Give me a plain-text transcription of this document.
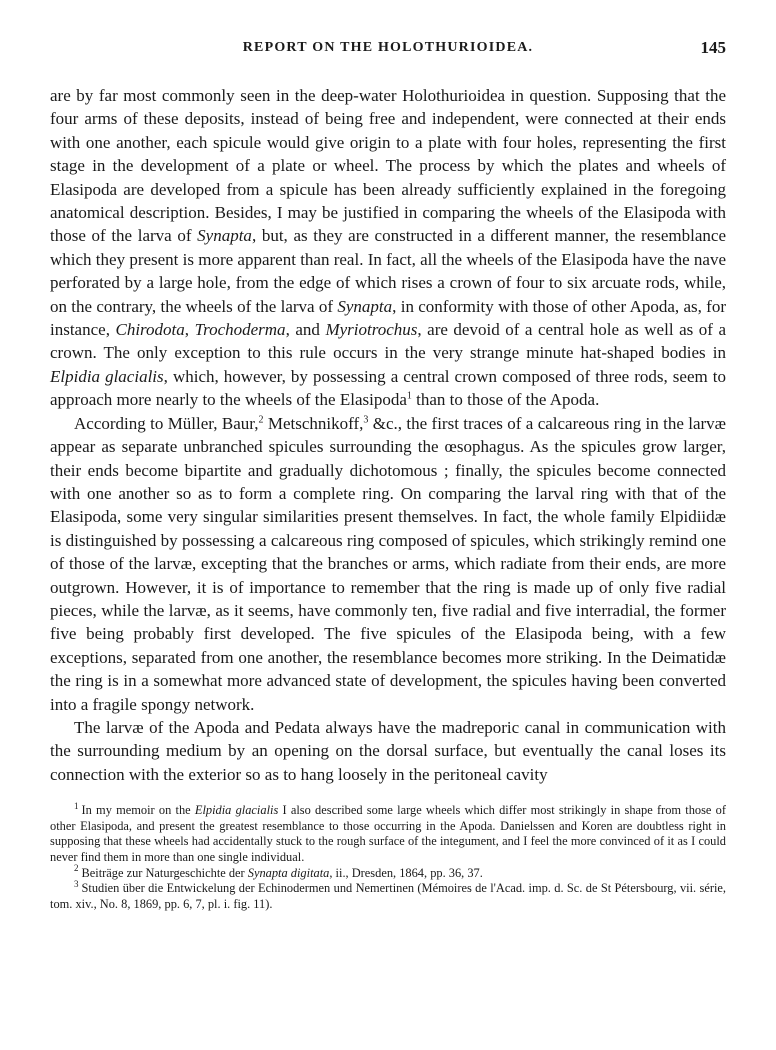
REPORT ON THE HOLOTHURIOIDEA.	145

are by far most commonly seen in the deep-water Holothurioidea in question. Supposing that the four arms of these deposits, instead of being free and independent, were connected at their ends with one another, each spicule would give origin to a plate with four holes, representing the first stage in the development of a plate or wheel. The process by which the plates and wheels of Elasipoda are developed from a spicule has been already sufficiently explained in the foregoing anatomical description. Besides, I may be justified in comparing the wheels of the Elasipoda with those of the larva of Synapta, but, as they are constructed in a different manner, the resemblance which they present is more apparent than real. In fact, all the wheels of the Elasipoda have the nave perforated by a large hole, from the edge of which rises a crown of four to six arcuate rods, while, on the contrary, the wheels of the larva of Synapta, in conformity with those of other Apoda, as, for instance, Chirodota, Trochoderma, and Myriotrochus, are devoid of a central hole as well as of a crown. The only exception to this rule occurs in the very strange minute hat-shaped bodies in Elpidia glacialis, which, however, by possessing a central crown composed of three rods, seem to approach more nearly to the wheels of the Elasipoda$^1$ than to those of the Apoda.

According to Müller, Baur,$^2$ Metschnikoff,$^3$ &c., the first traces of a calcareous ring in the larvæ appear as separate unbranched spicules surrounding the œsophagus. As the spicules grow larger, their ends become bipartite and gradually dichotomous ; finally, the spicules become connected with one another so as to form a complete ring. On comparing the larval ring with that of the Elasipoda, some very singular similarities present themselves. In fact, the whole family Elpidiidæ is distinguished by possessing a calcareous ring composed of spicules, which strikingly remind one of those of the larvæ, excepting that the branches or arms, which radiate from their ends, are more outgrown. However, it is of importance to remember that the ring is made up of only five radial pieces, while the larvæ, as it seems, have commonly ten, five radial and five interradial, the former five being probably first developed. The five spicules of the Elasipoda being, with a few exceptions, separated from one another, the resemblance becomes more striking. In the Deimatidæ the ring is in a somewhat more advanced state of development, the spicules having been converted into a fragile spongy network.

The larvæ of the Apoda and Pedata always have the madreporic canal in communication with the surrounding medium by an opening on the dorsal surface, but eventually the canal loses its connection with the exterior so as to hang loosely in the peritoneal cavity

$^1$ In my memoir on the Elpidia glacialis I also described some large wheels which differ most strikingly in shape from those of other Elasipoda, and present the greatest resemblance to those occurring in the Apoda. Danielssen and Koren are doubtless right in supposing that these wheels had accidentally stuck to the rough surface of the integument, and I feel the more convinced of it as I could never find them in more than one single individual.

$^2$ Beiträge zur Naturgeschichte der Synapta digitata, ii., Dresden, 1864, pp. 36, 37.

$^3$ Studien über die Entwickelung der Echinodermen und Nemertinen (Mémoires de l'Acad. imp. d. Sc. de St Pétersbourg, vii. série, tom. xiv., No. 8, 1869, pp. 6, 7, pl. i. fig. 11).
